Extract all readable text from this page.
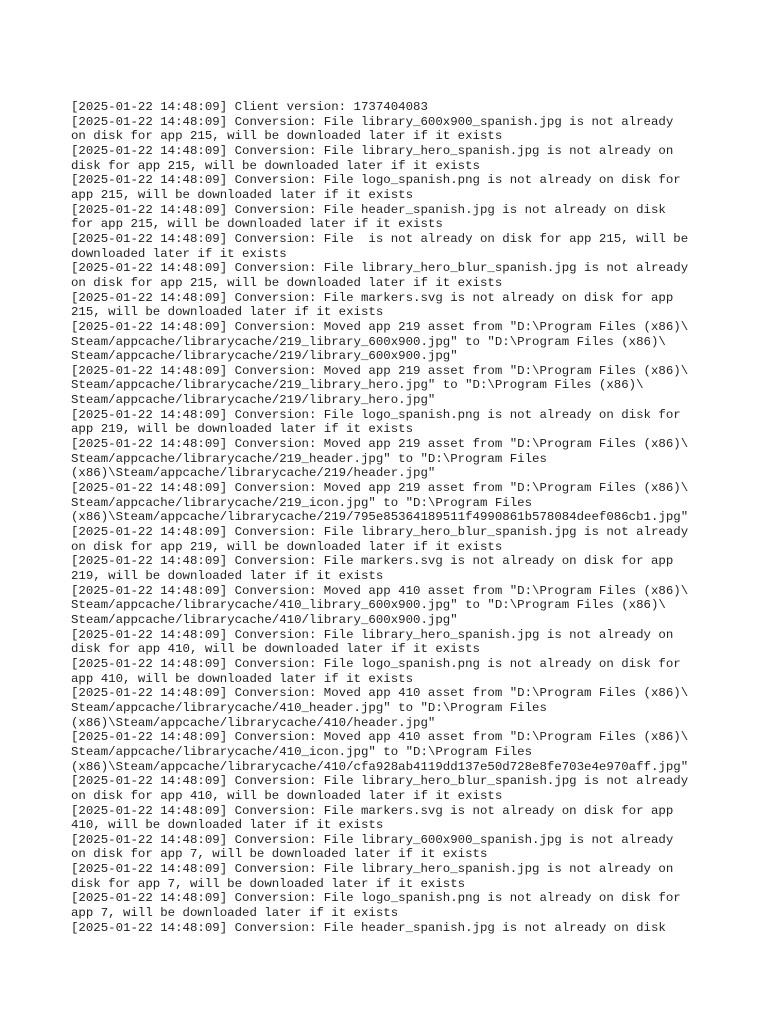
[2025-01-22 14:48:09] Client version: 1737404083
[2025-01-22 14:48:09] Conversion: File library_600x900_spanish.jpg is not already
on disk for app 215, will be downloaded later if it exists
[2025-01-22 14:48:09] Conversion: File library_hero_spanish.jpg is not already on
disk for app 215, will be downloaded later if it exists
[2025-01-22 14:48:09] Conversion: File logo_spanish.png is not already on disk for
app 215, will be downloaded later if it exists
[2025-01-22 14:48:09] Conversion: File header_spanish.jpg is not already on disk
for app 215, will be downloaded later if it exists
[2025-01-22 14:48:09] Conversion: File  is not already on disk for app 215, will be
downloaded later if it exists
[2025-01-22 14:48:09] Conversion: File library_hero_blur_spanish.jpg is not already
on disk for app 215, will be downloaded later if it exists
[2025-01-22 14:48:09] Conversion: File markers.svg is not already on disk for app
215, will be downloaded later if it exists
[2025-01-22 14:48:09] Conversion: Moved app 219 asset from "D:\Program Files (x86)\
Steam/appcache/librarycache/219_library_600x900.jpg" to "D:\Program Files (x86)\
Steam/appcache/librarycache/219/library_600x900.jpg"
[2025-01-22 14:48:09] Conversion: Moved app 219 asset from "D:\Program Files (x86)\
Steam/appcache/librarycache/219_library_hero.jpg" to "D:\Program Files (x86)\
Steam/appcache/librarycache/219/library_hero.jpg"
[2025-01-22 14:48:09] Conversion: File logo_spanish.png is not already on disk for
app 219, will be downloaded later if it exists
[2025-01-22 14:48:09] Conversion: Moved app 219 asset from "D:\Program Files (x86)\
Steam/appcache/librarycache/219_header.jpg" to "D:\Program Files
(x86)\Steam/appcache/librarycache/219/header.jpg"
[2025-01-22 14:48:09] Conversion: Moved app 219 asset from "D:\Program Files (x86)\
Steam/appcache/librarycache/219_icon.jpg" to "D:\Program Files
(x86)\Steam/appcache/librarycache/219/795e85364189511f4990861b578084deef086cb1.jpg"
[2025-01-22 14:48:09] Conversion: File library_hero_blur_spanish.jpg is not already
on disk for app 219, will be downloaded later if it exists
[2025-01-22 14:48:09] Conversion: File markers.svg is not already on disk for app
219, will be downloaded later if it exists
[2025-01-22 14:48:09] Conversion: Moved app 410 asset from "D:\Program Files (x86)\
Steam/appcache/librarycache/410_library_600x900.jpg" to "D:\Program Files (x86)\
Steam/appcache/librarycache/410/library_600x900.jpg"
[2025-01-22 14:48:09] Conversion: File library_hero_spanish.jpg is not already on
disk for app 410, will be downloaded later if it exists
[2025-01-22 14:48:09] Conversion: File logo_spanish.png is not already on disk for
app 410, will be downloaded later if it exists
[2025-01-22 14:48:09] Conversion: Moved app 410 asset from "D:\Program Files (x86)\
Steam/appcache/librarycache/410_header.jpg" to "D:\Program Files
(x86)\Steam/appcache/librarycache/410/header.jpg"
[2025-01-22 14:48:09] Conversion: Moved app 410 asset from "D:\Program Files (x86)\
Steam/appcache/librarycache/410_icon.jpg" to "D:\Program Files
(x86)\Steam/appcache/librarycache/410/cfa928ab4119dd137e50d728e8fe703e4e970aff.jpg"
[2025-01-22 14:48:09] Conversion: File library_hero_blur_spanish.jpg is not already
on disk for app 410, will be downloaded later if it exists
[2025-01-22 14:48:09] Conversion: File markers.svg is not already on disk for app
410, will be downloaded later if it exists
[2025-01-22 14:48:09] Conversion: File library_600x900_spanish.jpg is not already
on disk for app 7, will be downloaded later if it exists
[2025-01-22 14:48:09] Conversion: File library_hero_spanish.jpg is not already on
disk for app 7, will be downloaded later if it exists
[2025-01-22 14:48:09] Conversion: File logo_spanish.png is not already on disk for
app 7, will be downloaded later if it exists
[2025-01-22 14:48:09] Conversion: File header_spanish.jpg is not already on disk
